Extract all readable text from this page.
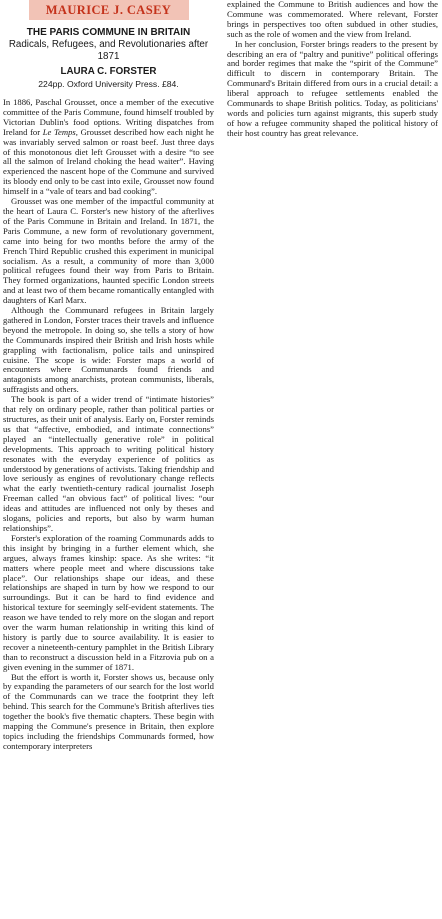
MAURICE J. CASEY
THE PARIS COMMUNE IN BRITAIN
Radicals, Refugees, and Revolutionaries after 1871
LAURA C. FORSTER
224pp. Oxford University Press. £84.

In 1886, Paschal Grousset, once a member of the executive committee of the Paris Commune, found himself troubled by Victorian Dublin's food options. Writing dispatches from Ireland for Le Temps, Grousset described how each night he was invariably served salmon or roast beef. Just three days of this monotonous diet left Grousset with a desire “to see all the salmon of Ireland choking the head waiter”. Having experienced the nascent hope of the Commune and survived its bloody end only to be cast into exile, Grousset now found himself in a “vale of tears and bad cooking”.

Grousset was one member of the impactful community at the heart of Laura C. Forster's new history of the afterlives of the Paris Commune in Britain and Ireland. In 1871, the Paris Commune, a new form of revolutionary government, came into being for two months before the army of the French Third Republic crushed this experiment in municipal socialism. As a result, a community of more than 3,000 political refugees found their way from Paris to Britain. They formed organizations, haunted specific London streets and at least two of them became romantically entangled with daughters of Karl Marx.

Although the Communard refugees in Britain largely gathered in London, Forster traces their travels and influence beyond the metropole. In doing so, she tells a story of how the Communards inspired their British and Irish hosts while grappling with factionalism, police tails and uninspired cuisine. The scope is wide: Forster maps a world of encounters where Communards found friends and antagonists among anarchists, protean communists, liberals, suffragists and others.

The book is part of a wider trend of “intimate histories” that rely on ordinary people, rather than political parties or structures, as their unit of analysis. Early on, Forster reminds us that “affective, embodied, and intimate connections” played an “intellectually generative role” in political developments. This approach to writing political history resonates with the everyday experience of politics as understood by generations of activists. Taking friendship and love seriously as engines of revolutionary change reflects what the early twentieth-century radical journalist Joseph Freeman called “an obvious fact” of political lives: “our ideas and attitudes are influenced not only by theses and slogans, policies and reports, but also by warm human relationships”.

Forster's exploration of the roaming Communards adds to this insight by bringing in a further element which, she argues, always frames kinship: space. As she writes: “it matters where people meet and where discussions take place”. Our relationships shape our ideas, and these relationships are shaped in turn by how we respond to our surroundings. But it can be hard to find evidence and historical texture for seemingly self-evident statements. The reason we have tended to rely more on the slogan and report over the warm human relationship in writing this kind of history is partly due to source availability. It is easier to recover a nineteenth-century pamphlet in the British Library than to reconstruct a discussion held in a Fitzrovia pub on a given evening in the summer of 1871.

But the effort is worth it, Forster shows us, because only by expanding the parameters of our search for the lost world of the Communards can we trace the footprint they left behind. This search for the Commune's British afterlives ties together the book's five thematic chapters. These begin with mapping the Commune's presence in Britain, then explore topics including the friendships Communards formed, how contemporary interpreters

explained the Commune to British audiences and how the Commune was commemorated. Where relevant, Forster brings in perspectives too often subdued in other studies, such as the role of women and the view from Ireland.

In her conclusion, Forster brings readers to the present by describing an era of “paltry and punitive” political offerings and border regimes that make the “spirit of the Commune” difficult to discern in contemporary Britain. The Communard's Britain differed from ours in a crucial detail: a liberal approach to refugee settlements enabled the Communards to shape British politics. Today, as politicians' words and policies turn against migrants, this superb study of how a refugee community shaped the political history of their host country has great relevance.
